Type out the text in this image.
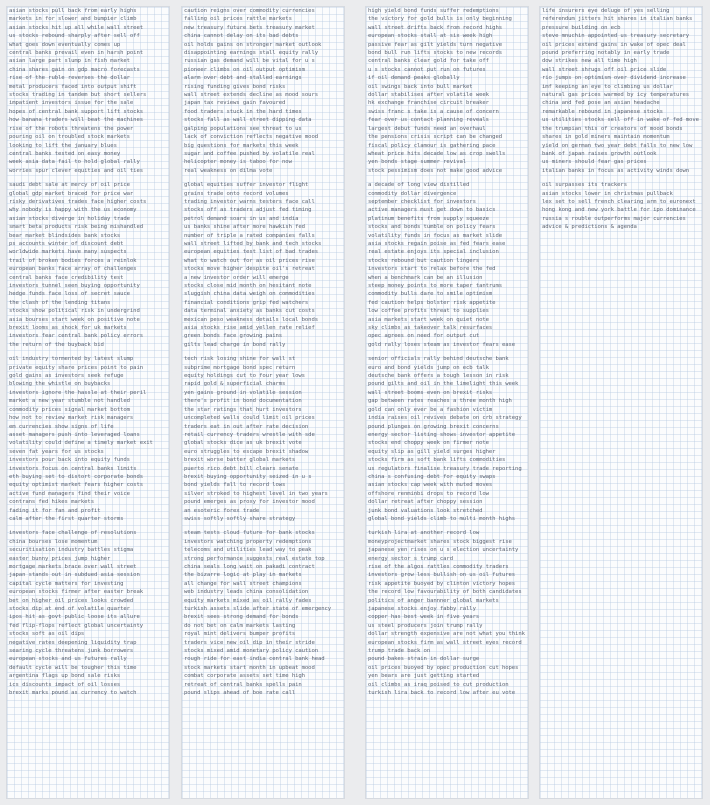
asian stocks pull back from early highs
markets in for slower and bumpier climb
asian stocks hit up all while wall street
us stocks rebound sharply after sell off
what goes down eventually comes up
central banks prevail even in harsh point
asian large part slump in fish market
china shares gain on gdp macro forecasts
rise of the ruble reverses the dollar
metal producers faced into output shift
stocks trading in tandem but short sellers
impatient investors issue for the sale
hopes of central bank support lift stocks
how banana traders will beat the machines
rise of the robots threatens the power
pouring oil on troubled stock markets
looking to lift the january blues
central banks tested on easy money
week asia data fail to hold global rally
worries spur clever equities and oil ties
saudi debt sale at mercy of oil price
global gdp market braced for price war
risky derivatives trades face higher costs
why nobody is happy with the us economy
asian stocks diverge in holiday trade
smart beta products risk being mishandled
bear market blindsides bank stocks
ps accounts winter of discount debt
worldwide markets have many suspects
trail of broken bodies forces a reinlok
european banks face array of challenges
central banks face credibility test
investors tunnel seen buying opportunity
hedge funds face loss of secret sauce
the clash of the lending titans
stocks show political risk in undergrind
asia bourses start week on positive note
brexit looms as shock for uk markets
investors fear central bank policy errors
the return of the buyback bid
oil industry tormented by latest slump
private equity share prices point to pain
gold gains as investors seek refuge
blowing the whistle on buybacks
investors ignore the hassle at their peril
market a new year stumble not handled
commodity prices signal market bottom
how not to review market risk managers
em currencies show signs of life
asset managers push into leveraged loans
volatility could define a timely market exit
seven fat years for us stocks
investors pour back into equity funds
investors focus on central banks limits
eth buying set to distort corporate bonds
equity optimist market fears higher costs
active fund managers find their voice
contrans fed hikes markets
fading it for fan and profit
calm after the first quarter storms
investors face challenge of resolutions
china bourses lose momentum
securitisation industry battles stigma
easter bunny prices jump higher
mortgage markets brace over wall street
japan stands out in subdued asia session
capital cycle matters for investing
european stocks firmer after easter break
bet on higher oil prices looks crowded
stocks dip at end of volatile quarter
ipos hit as govt public loose its allure
fed flip-flops reflect global uncertainty
stocks soft as oil dips
negative rates deepening liquidity trap
searing cycle threatens junk borrowers
european stocks and us futures rally
default cycle will be tougher this time
argentina flags up bond sale risks
ics discounts impact of oil losses
brexit marks pound as currency to watch
caution reigns over commodity currencies
falling oil prices rattle markets
new treasury future bets treasury market
china cannot delay on its bad debts
oil holds gains on stronger market outlook
disappointing earnings stall equity rally
russian gas demand will be vital for u s
pioneer climbs on oil output optimism
alarm over debt and stalled earnings
rising funding gives bond risks
wall street extends decline as mood sours
japan tax reviews gain favoured
food traders stuck in the hard times
stocks fall as wall street dipping data
galping populations see threat to us
lack of conviction reflects negative mood
big questions for markets this week
sugar and coffee pushed by volatile real
helicopter money is taboo for now
real weakness on dilma vote
global equities suffer investor flight
grains trade onto record volumes
trading investor warns testers face call
stocks off as traders adjust fed timing
petrol demand soars in us and india
us banks shine after more hawkish fed
number of triple a rated companies falls
wall street lifted by bank and tech stocks
european equities test list of bad trades
what to watch out for as oil prices rise
stocks move higher despite oil's retreat
a new investor order will emerge
stocks close mid month on hesitant note
sluggish china data weigh on commodities
financial conditions grip fed watchers
data terminal anxiety as banks cut costs
mexican peso weakness details local bonds
asia stocks rise amid yellen rate relief
green bonds face growing pains
gilts lead charge in bond rally
tech risk losing shine for wall st
subprime mortgage bond spec return
equity holdings cut to four year lows
rapid gold & superficial charms
yen gains ground in volatile session
there's profit in bond documentation
the star ratings that hurt investors
uncompleted walls could limit oil prices
traders eat in out after rate decision
retail currency traders wrestle with sde
global stocks dice as uk brexit vote
euro struggles to escape brexit shadow
brexit worse batter global markets
puerto rico debt bill clears senate
brexit buying opportunity seized in u s
bond yields fall to record lows
silver stroked to highest level in two years
pound emerges as proxy for investor mood
an esoteric forex trade
swiss softly softly share strategy
steam tests cloud future for bank stocks
investors watching property redemptions
telecoms and utilities lead way to peak
strong performance suggests real estate top
china seals long wait on pakadi contract
the bizarre logic at play in markets
all change for wall street champions
web industry leads china consolidation
equity markets mixed as oil rally fades
turkish assets slide after state of emergency
brexit sees strong demand for bonds
do not bet on calm markets lasting
royal mint delivers bumper profits
traders vice new oil dip in their stride
stocks mixed amid monetary policy caution
rough ride for east india central bank head
stock markets start month in upbeat mood
combat corporate assets set time high
retreat of central banks spells pain
pound slips ahead of boe rate call
high yield bond funds suffer redemptions
the victory for gold bulls is only beginning
wall street drifts back from record highs
european stocks stall at six week high
passive fear as gilt yields turn negative
bond bull run lifts stocks to new records
central banks clear gold for take off
u s stocks cannot put run on futures
if oil demand peaks globally
oil swings back into bull market
dollar stabilises after volatile week
hk exchange franchise circuit breaker
swiss franc s take is a cause of concern
fear over us contact planning reveals
largest debut funds need an overhaul
the pensions crisis script can be changed
fiscal policy clamour is gathering pace
wheat price hits decade low as crop swells
yen bonds stage summer revival
stock pessimism does not make good advice
a decade of long view distilled
commodity dollar divergence
september checklist for investors
active managers must get down to basics
platinum benefits from supply squeeze
stocks and bonds tumble on policy fears
volatility funds in focus as market slide
asia stocks regain poise as fed fears ease
real estate enjoys its special inclusion
stocks rebound but caution lingers
investors start to relax before the fed
when a benchmark can be an illusion
steep money points to more taper tantrums
commodity bulls dare to smile optimism
fed caution helps bolster risk appetite
low coffee profits threat to supplies
asia markets start week on quiet note
sky climbs as takeover talk resurfaces
opec agrees on need for output cut
gold rally loses steam as investor fears ease
senior officials rally behind deutsche bank
euro and bond yields jump on ecb talk
deutsche bank offers a tough lesson in risk
pound gilts and oil in the limelight this week
wall street booms even on brexit risks
gap between rates reaches a three month high
gold can only ever be a fashion victim
india raises oil revives debate on crb strategy
pound plunges on growing brexit concerns
energy sector listing shows investor appetite
stocks end choppy week on firmer note
equity slip as gill yield surges higher
stocks firm as soft bank lifts commodities
us regulators finalise treasury trade reporting
china s confusing debt for equity swaps
asian stocks cap week with muted moves
offshore renminbi drops to record low
dollar retreat after choppy session
junk bond valuations look stretched
global bond yields climb to multi month highs
turkish lira at another record low
moneyprojectmarket shares stock biggest rise
japanese yen rises on u s election uncertainty
energy sector s trump card
rise of the algos rattles commodity traders
investors grow less bullish on us oil futures
risk appetite buoyed by clinton victory hopes
the record low favourability of both candidates
politics of anger bannner global markets
japanese stocks enjoy fabby rally
copper has best week in five years
us steel producers join trump rally
dollar strength expensive are not what you think
european stocks firm as wall street eyes record
trump trade back on
pound bakes strain in dollar surge
oil prices buoyed by opec production cut hopes
yen bears are just getting started
oil climbs as iraq poised to cut production
turkish lira back to record low after eu vote
life insurers eye deluge of yes selling
referendum jitters hit shares in italian banks
pressure building on ecb
steve mnuchin appointed us treasury secretary
oil prices extend gains in wake of opec deal
pound preferring notably in early trade
dow strikes new all time high
wall street shrugs off oil price slide
rio jumps on optimism over dividend increase
imf keeping an eye to climbing us dollar
natural gas prices warmed by icy temperatures
china and fed pose an asian headache
remarkable rebound in japanese stocks
us utilities stocks sell off in wake of fed move
the trumpian this of creators of mood bonds
shares in gold miners maintain momentum
yield on german two year debt falls to new low
bank of japan raises growth outlook
us miners should fear gas prices
italian banks in focus as activity winds down
oil surpasses its trackers
asian stocks lower in christmas pullback
lex set to sell french clearing arm to euronext
hong kong and new york battle for ipo dominance
russia s rouble outperforms major currencies
advice & predictions & agenda
